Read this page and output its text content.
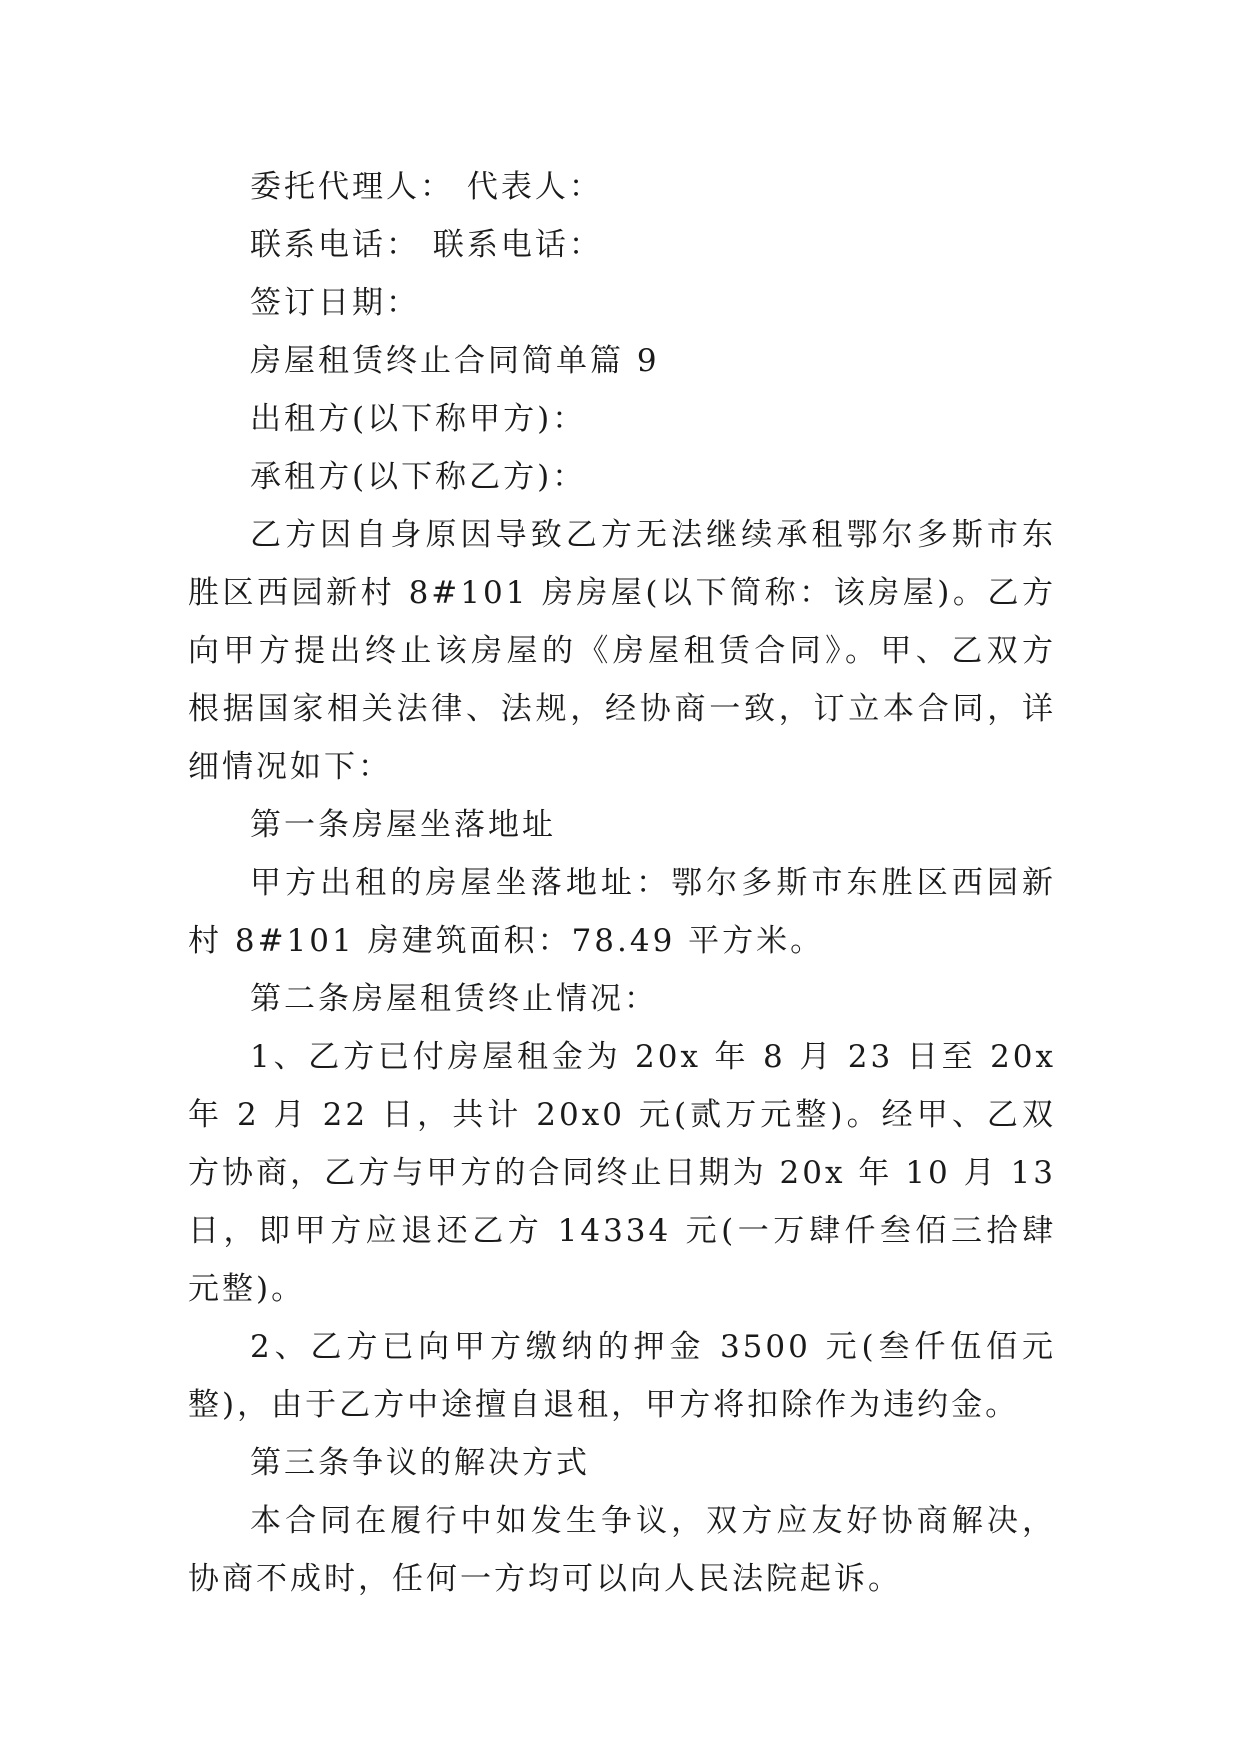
委托代理人： 代表人：

联系电话： 联系电话：

签订日期：

房屋租赁终止合同简单篇 9

出租方(以下称甲方)：

承租方(以下称乙方)：

乙方因自身原因导致乙方无法继续承租鄂尔多斯市东胜区西园新村 8#101 房房屋(以下简称：该房屋)。乙方向甲方提出终止该房屋的《房屋租赁合同》。甲、乙双方根据国家相关法律、法规，经协商一致，订立本合同，详细情况如下：

第一条房屋坐落地址

甲方出租的房屋坐落地址：鄂尔多斯市东胜区西园新村 8#101 房建筑面积：78.49 平方米。

第二条房屋租赁终止情况：

1、乙方已付房屋租金为 20x 年 8 月 23 日至 20x 年 2 月 22 日，共计 20x0 元(贰万元整)。经甲、乙双方协商，乙方与甲方的合同终止日期为 20x 年 10 月 13 日，即甲方应退还乙方 14334 元(一万肆仟叁佰三拾肆元整)。

2、乙方已向甲方缴纳的押金 3500 元(叁仟伍佰元整)，由于乙方中途擅自退租，甲方将扣除作为违约金。

第三条争议的解决方式

本合同在履行中如发生争议，双方应友好协商解决，协商不成时，任何一方均可以向人民法院起诉。
